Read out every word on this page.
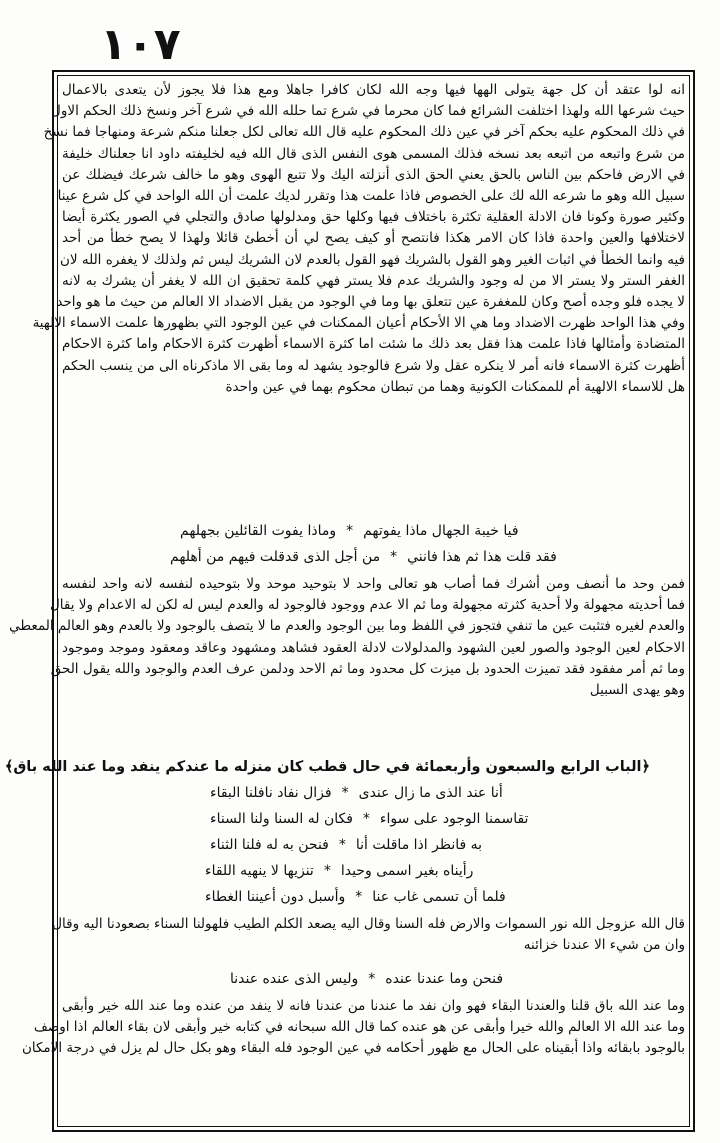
١٠٧
انه لوا عتقد أن كل جهة يتولى الهها فيها وجه الله لكان كافرا جاهلا ومع هذا فلا يجوز لأن يتعدى بالاعمال
حيث شرعها الله ولهذا اختلفت الشرائع فما كان محرما في شرع تما حلله الله في شرع آخر ونسخ ذلك الحكم الاول
في ذلك المحكوم عليه بحكم آخر في عين ذلك المحكوم عليه قال الله تعالى لكل جعلنا منكم شرعة ومنهاجا فما نسخ
من شرع واتبعه من اتبعه بعد نسخه فذلك المسمى هوى النفس الذى قال الله فيه لخليفته داود انا جعلناك خليفة
في الارض فاحكم بين الناس بالحق يعني الحق الذى أنزلته اليك ولا تتبع الهوى وهو ما خالف شرعك فيضلك عن
سبيل الله وهو ما شرعه الله لك على الخصوص فاذا علمت هذا وتقرر لديك علمت أن الله الواحد في كل شرع عينا
وكثير صورة وكونا فان الادلة العقلية تكثرة باختلاف فيها وكلها حق ومدلولها صادق والتجلي في الصور يكثرة أيضا
لاختلافها والعين واحدة فاذا كان الامر هكذا فانتصح أو كيف يصح لي أن أخطئ قائلا ولهذا لا يصح خطأ من أحد
فيه وانما الخطأ في اثبات الغير وهو القول بالشريك فهو القول بالعدم لان الشريك ليس ثم ولذلك لا يغفره الله لان
الغفر الستر ولا يستر الا من له وجود والشريك عدم فلا يستر فهي كلمة تحقيق ان الله لا يغفر أن يشرك به لانه
لا يجده فلو وجده أصح وكان للمغفرة عين تتعلق بها وما في الوجود من يقبل الاضداد الا العالم من حيث ما هو واحد
وفي هذا الواحد ظهرت الاضداد وما هي الا الأحكام أعيان الممكنات في عين الوجود التي بظهورها علمت الاسماء الالهية
المتضادة وأمثالها فاذا علمت هذا فقل بعد ذلك ما شئت اما كثرة الاسماء أظهرت كثرة الاحكام واما كثرة الاحكام
أظهرت كثرة الاسماء فانه أمر لا ينكره عقل ولا شرع فالوجود يشهد له وما بقى الا ماذكرناه الى من ينسب الحكم
هل للاسماء الالهية أم للممكنات الكونية وهما من تبطان محكوم بهما في عين واحدة
فيا خيبة الجهال ماذا يفوتهم*وماذا يفوت القائلين بجهلهم
فقد قلت هذا ثم هذا فانني*من أجل الذى قدقلت فيهم من أهلهم
فمن وحد ما أنصف ومن أشرك فما أصاب هو تعالى واحد لا بتوحيد موحد ولا بتوحيده لنفسه لانه واحد لنفسه
فما أحديته مجهولة ولا أحدية كثرته مجهولة وما ثم الا عدم ووجود فالوجود له والعدم ليس له لكن له الاعدام ولا يقال
والعدم لغيره فتثبت عين ما تنفي فتجوز في اللفظ وما بين الوجود والعدم ما لا يتصف بالوجود ولا بالعدم وهو العالم المعطي
الاحكام لعين الوجود والصور لعين الشهود والمدلولات لادلة العقود فشاهد ومشهود وعاقد ومعقود وموجد وموجود
وما ثم أمر مفقود فقد تميزت الحدود بل ميزت كل محدود وما ثم الاحد ودلمن عرف العدم والوجود والله يقول الحق
وهو يهدى السبيل
﴿الباب الرابع والسبعون وأربعمائة في حال قطب كان منزله ما عندكم ينفد وما عند الله باق﴾
أنا عند الذى ما زال عندى*فزال نفاد نافلنا البقاء
تقاسمنا الوجود على سواء*فكان له السنا ولنا السناء
به فانظر اذا ماقلت أنا*فنحن به له فلنا الثناء
رأيناه بغير اسمى وحيدا*تنزيها لا ينهيه اللقاء
فلما أن تسمى غاب عنا*وأسبل دون أعيننا الغطاء
قال الله عزوجل الله نور السموات والارض فله السنا وقال اليه يصعد الكلم الطيب فلهولنا السناء بصعودنا اليه وقال
وان من شيء الا عندنا خزائنه
فنحن وما عندنا عنده*وليس الذى عنده عندنا
وما عند الله باق قلنا والعندنا البقاء فهو وان نفد ما عندنا من عندنا فانه لا ينفد من عنده وما عند الله خير وأبقى
وما عند الله الا العالم والله خيرا وأبقى عن هو عنده كما قال الله سبحانه في كتابه خير وأبقى لان بقاء العالم اذا اوصف
بالوجود بابقائه واذا أبقيناه على الحال مع ظهور أحكامه في عين الوجود فله البقاء وهو بكل حال لم يزل في درجة الامكان
